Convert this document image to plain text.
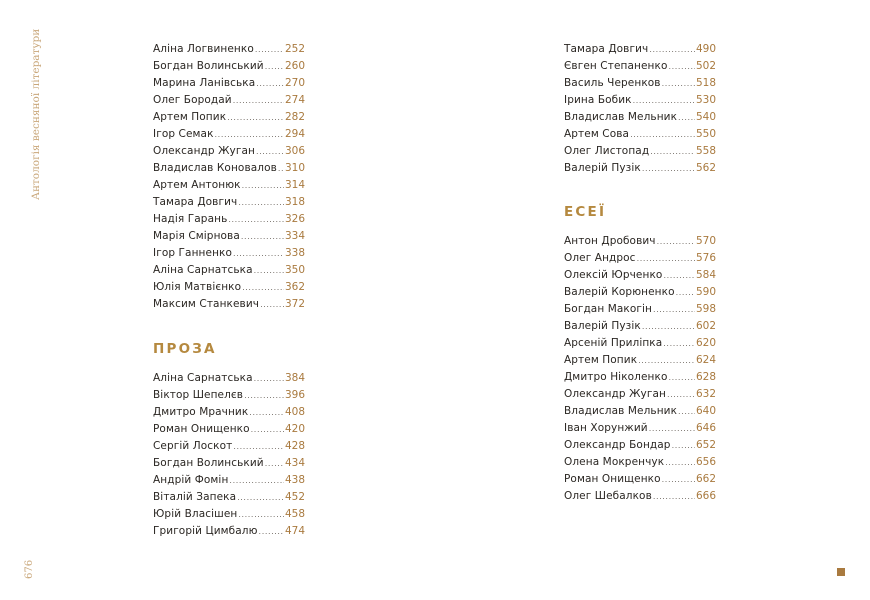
Антологія весняної літератури
676
Аліна Логвиненко .....	252
Богдан Волинський ..... 260
Марина Ланівська .....	270
Олег Бородай .....	274
Артем Попик .....	282
Ігор Семак .....	294
Олександр Жуган .....	306
Владислав Коновалов ..... 310
Артем Антонюк .....	314
Тамара Довгич .....	318
Надія Гарань .....	326
Марія Смірнова .....	334
Ігор Ганненко .....	338
Аліна Сарнатська .....	350
Юлія Матвієнко .....	362
Максим Станкевич ..... 372
ПРОЗА
Аліна Сарнатська .....	384
Віктор Шепелєв .....	396
Дмитро Мрачник .....	408
Роман Онищенко .....	420
Сергій Лоскот .....	428
Богдан Волинський ..... 434
Андрій Фомін .....	438
Віталій Запека .....	452
Юрій Власішен .....	458
Григорій Цимбалю .....	474
Тамара Довгич .....	490
Євген Степаненко .....	502
Василь Черенков .....	518
Ірина Бобик .....	530
Владислав Мельник ..... 540
Артем Сова .....	550
Олег Листопад .....	558
Валерій Пузік .....	562
ЕСЕЇ
Антон Дробович .....	570
Олег Андрос .....	576
Олексій Юрченко .....	584
Валерій Корюненко ..... 590
Богдан Макогін .....	598
Валерій Пузік .....	602
Арсеній Приліпка .....	620
Артем Попик .....	624
Дмитро Ніколенко .....	628
Олександр Жуган .....	632
Владислав Мельник ..... 640
Іван Хорунжий .....	646
Олександр Бондар ..... 652
Олена Мокренчук .....	656
Роман Онищенко .....	662
Олег Шебалков .....	666
